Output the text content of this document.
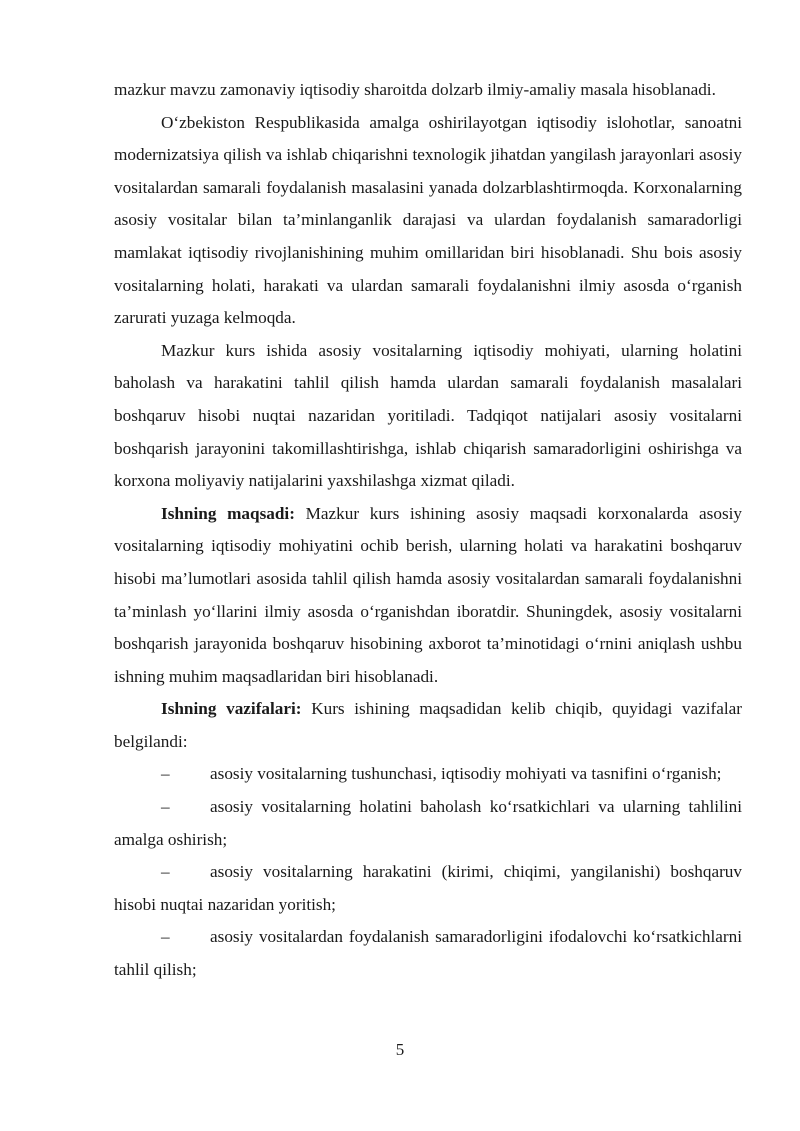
mazkur mavzu zamonaviy iqtisodiy sharoitda dolzarb ilmiy-amaliy masala hisoblanadi.

O‘zbekiston Respublikasida amalga oshirilayotgan iqtisodiy islohotlar, sanoatni modernizatsiya qilish va ishlab chiqarishni texnologik jihatdan yangilash jarayonlari asosiy vositalardan samarali foydalanish masalasini yanada dolzarblashtirmoqda. Korxonalarning asosiy vositalar bilan ta’minlanganlik darajasi va ulardan foydalanish samaradorligi mamlakat iqtisodiy rivojlanishining muhim omillaridan biri hisoblanadi. Shu bois asosiy vositalarning holati, harakati va ulardan samarali foydalanishni ilmiy asosda o‘rganish zarurati yuzaga kelmoqda.

Mazkur kurs ishida asosiy vositalarning iqtisodiy mohiyati, ularning holatini baholash va harakatini tahlil qilish hamda ulardan samarali foydalanish masalalari boshqaruv hisobi nuqtai nazaridan yoritiladi. Tadqiqot natijalari asosiy vositalarni boshqarish jarayonini takomillashtirishga, ishlab chiqarish samaradorligini oshirishga va korxona moliyaviy natijalarini yaxshilashga xizmat qiladi.

Ishning maqsadi: Mazkur kurs ishining asosiy maqsadi korxonalarda asosiy vositalarning iqtisodiy mohiyatini ochib berish, ularning holati va harakatini boshqaruv hisobi ma’lumotlari asosida tahlil qilish hamda asosiy vositalardan samarali foydalanishni ta’minlash yo‘llarini ilmiy asosda o‘rganishdan iboratdir. Shuningdek, asosiy vositalarni boshqarish jarayonida boshqaruv hisobining axborot ta’minotidagi o‘rnini aniqlash ushbu ishning muhim maqsadlaridan biri hisoblanadi.

Ishning vazifalari: Kurs ishining maqsadidan kelib chiqib, quyidagi vazifalar belgilandi:

– asosiy vositalarning tushunchasi, iqtisodiy mohiyati va tasnifini o‘rganish;

– asosiy vositalarning holatini baholash ko‘rsatkichlari va ularning tahlilini amalga oshirish;

– asosiy vositalarning harakatini (kirimi, chiqimi, yangilanishi) boshqaruv hisobi nuqtai nazaridan yoritish;

– asosiy vositalardan foydalanish samaradorligini ifodalovchi ko‘rsatkichlarni tahlil qilish;

5
